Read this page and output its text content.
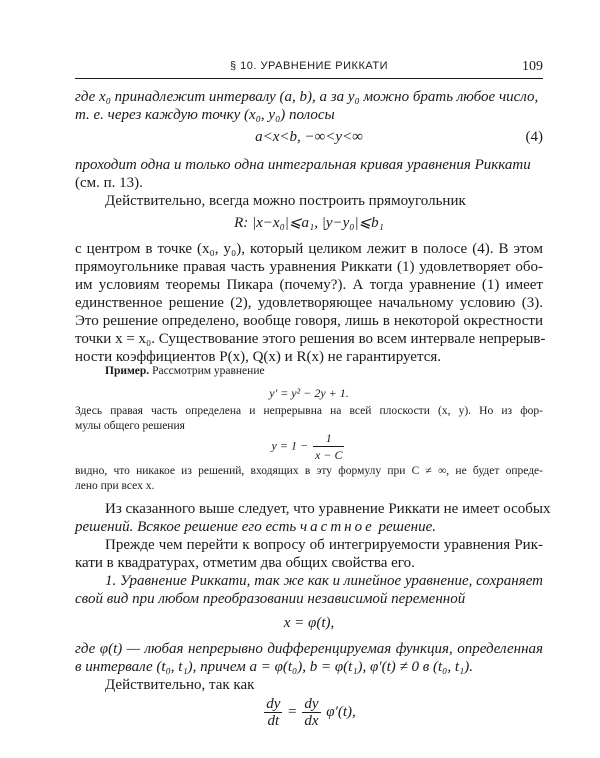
§ 10. УРАВНЕНИЕ РИККАТИ	109
где x₀ принадлежит интервалу (a, b), а за y₀ можно брать любое число,
т. е. через каждую точку (x₀, y₀) полосы
a<x<b, −∞<y<∞	(4)
проходит одна и только одна интегральная кривая уравнения Риккати
(см. п. 13).
Действительно, всегда можно построить прямоугольник
R: |x−x₀|⩽a₁, |y−y₀|⩽b₁
с центром в точке (x₀, y₀), который целиком лежит в полосе (4). В этом
прямоугольнике правая часть уравнения Риккати (1) удовлетворяет обо-
им условиям теоремы Пикара (почему?). А тогда уравнение (1) имеет
единственное решение (2), удовлетворяющее начальному условию (3).
Это решение определено, вообще говоря, лишь в некоторой окрестности
точки x = x₀. Существование этого решения во всем интервале непрерыв-
ности коэффициентов P(x), Q(x) и R(x) не гарантируется.
Пример. Рассмотрим уравнение
y′ = y² − 2y + 1.
Здесь правая часть определена и непрерывна на всей плоскости (x, y). Но из фор-
мулы общего решения
$y = 1 - \frac{1}{x - C}$
видно, что никакое из решений, входящих в эту формулу при C ≠ ∞, не будет опреде-
лено при всех x.
Из сказанного выше следует, что уравнение Риккати не имеет особых
решений. Всякое решение его есть частное решение.
Прежде чем перейти к вопросу об интегрируемости уравнения Рик-
кати в квадратурах, отметим два общих свойства его.
1. Уравнение Риккати, так же как и линейное уравнение, сохраняет
свой вид при любом преобразовании независимой переменной
x = φ(t),
где φ(t) — любая непрерывно дифференцируемая функция, определенная
в интервале (t₀, t₁), причем a = φ(t₀), b = φ(t₁), φ′(t) ≠ 0 в (t₀, t₁).
Действительно, так как
$\frac{dy}{dt} = \frac{dy}{dx} \varphi'(t)$,
